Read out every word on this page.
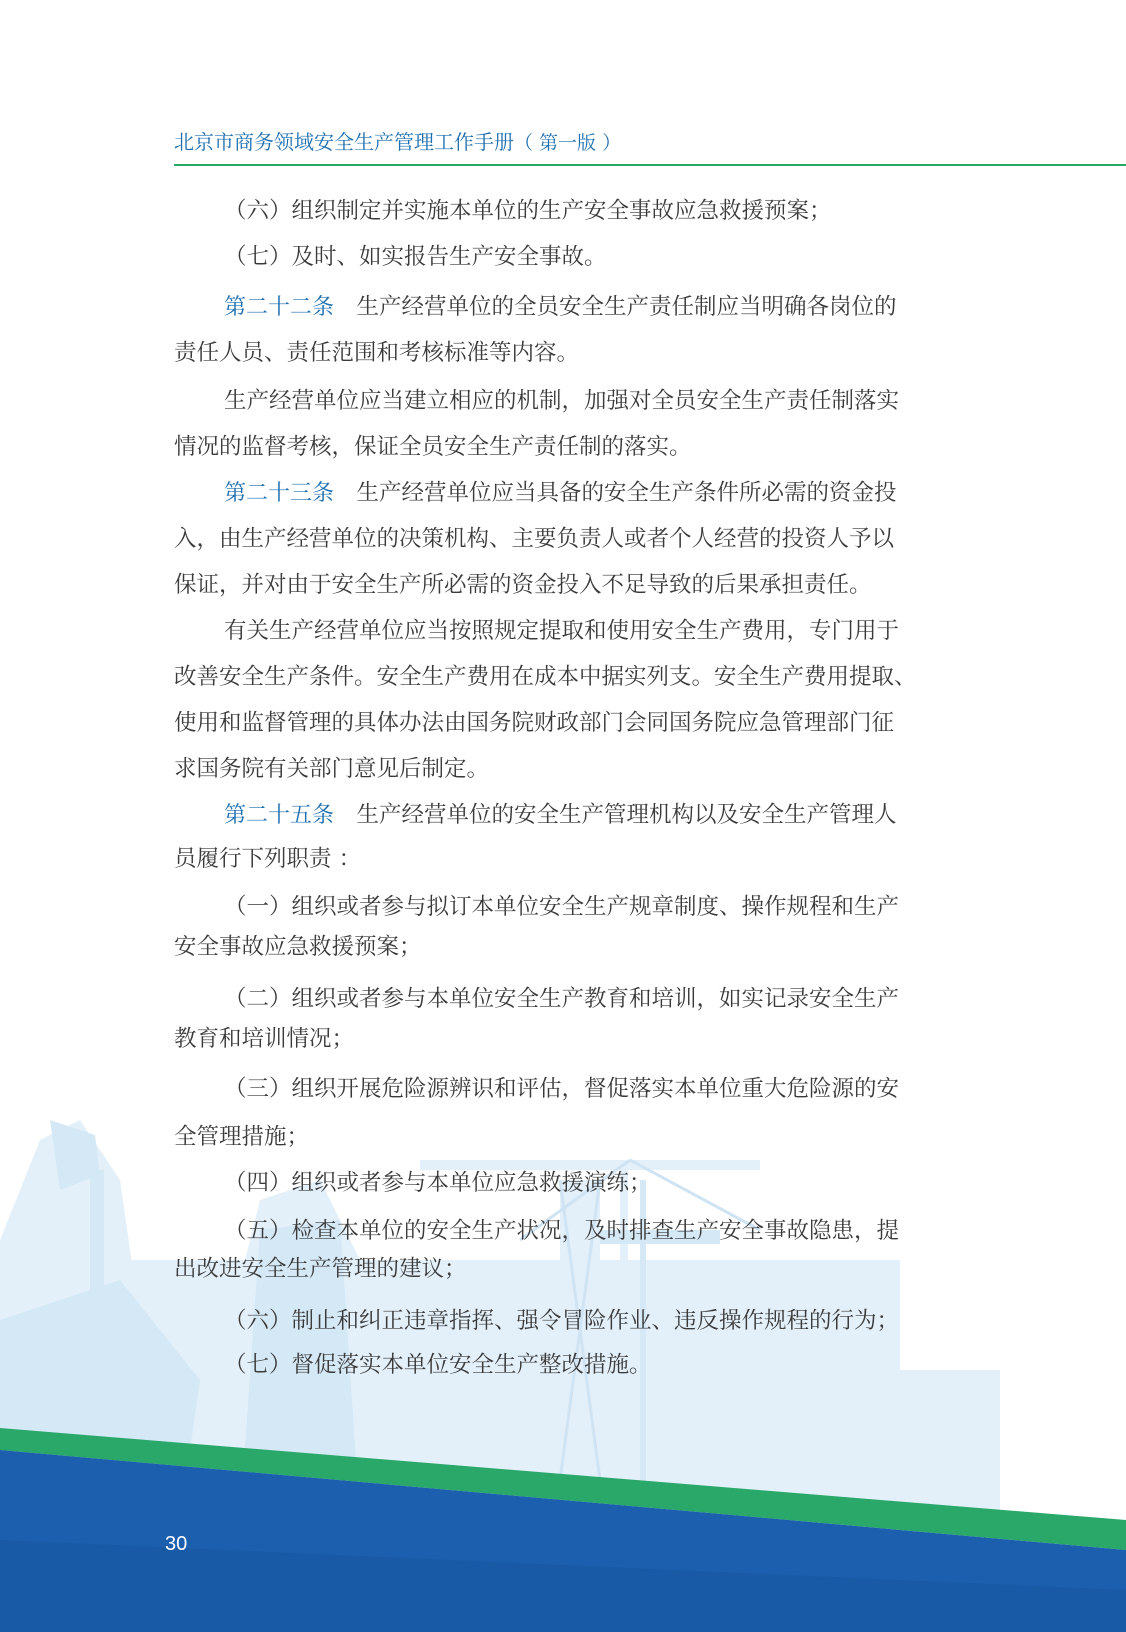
北京市商务领域安全生产管理工作手册（ 第一版 ）
（六）组织制定并实施本单位的生产安全事故应急救援预案；
（七）及时、如实报告生产安全事故。
第二十二条　生产经营单位的全员安全生产责任制应当明确各岗位的
责任人员、责任范围和考核标准等内容。
生产经营单位应当建立相应的机制，加强对全员安全生产责任制落实
情况的监督考核，保证全员安全生产责任制的落实。
第二十三条　生产经营单位应当具备的安全生产条件所必需的资金投
入，由生产经营单位的决策机构、主要负责人或者个人经营的投资人予以
保证，并对由于安全生产所必需的资金投入不足导致的后果承担责任。
有关生产经营单位应当按照规定提取和使用安全生产费用，专门用于
改善安全生产条件。安全生产费用在成本中据实列支。安全生产费用提取、
使用和监督管理的具体办法由国务院财政部门会同国务院应急管理部门征
求国务院有关部门意见后制定。
第二十五条　生产经营单位的安全生产管理机构以及安全生产管理人
员履行下列职责 ：
（一）组织或者参与拟订本单位安全生产规章制度、操作规程和生产
安全事故应急救援预案；
（二）组织或者参与本单位安全生产教育和培训，如实记录安全生产
教育和培训情况；
（三）组织开展危险源辨识和评估，督促落实本单位重大危险源的安
全管理措施；
（四）组织或者参与本单位应急救援演练；
（五）检查本单位的安全生产状况，及时排查生产安全事故隐患，提
出改进安全生产管理的建议；
（六）制止和纠正违章指挥、强令冒险作业、违反操作规程的行为；
（七）督促落实本单位安全生产整改措施。
30
